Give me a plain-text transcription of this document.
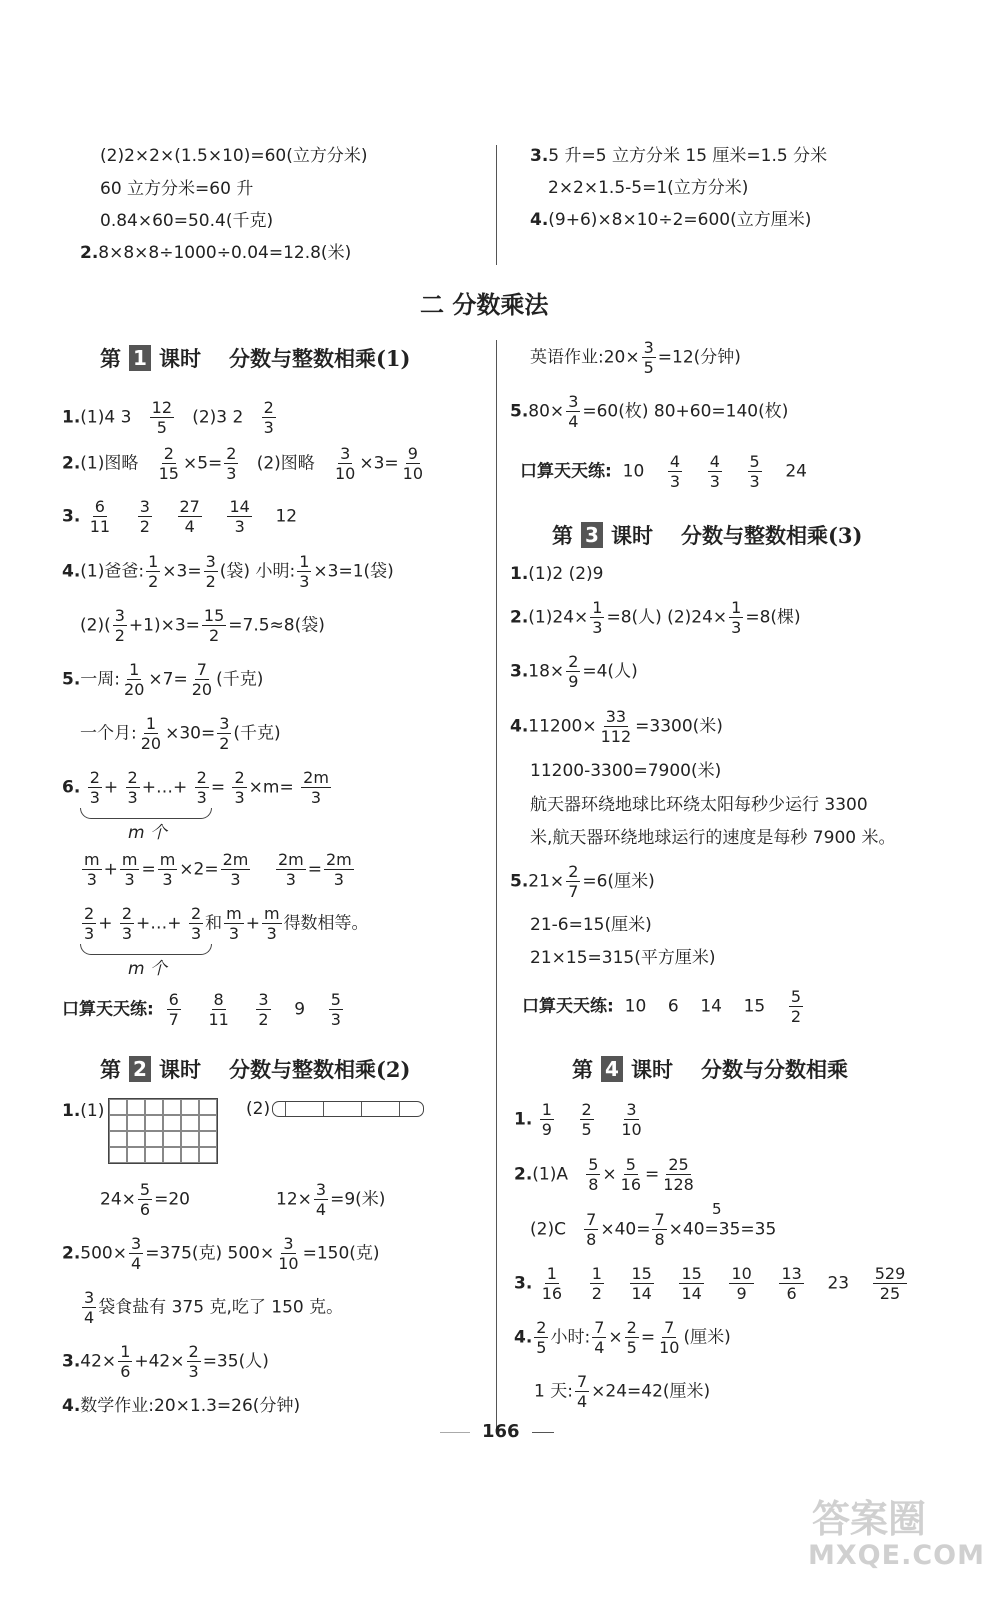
(2)2×2×(1.5×10)=60(立方分米)
60 立方分米=60 升
0.84×60=50.4(千克)
2.8×8×8÷1000÷0.04=12.8(米)
3.5 升=5 立方分米 15 厘米=1.5 分米
2×2×1.5-5=1(立方分米)
4.(9+6)×8×10÷2=600(立方厘米)
二 分数乘法
第 1 课时 分数与整数相乘(1)
1.(1)4 $3 \frac{12}{5} (2)3$ $2 \frac{2}{3}$
2.(1)图略 $\frac{2}{15} \times 5= \frac{2}{3} (2)$图略 $\frac{3}{10} \times 3= \frac{9}{10}$
3. $\frac{6}{11}$
$\frac{3}{2}$
$\frac{27}{4}$
$\frac{14}{3} 12$
4.(1)爸爸: $\frac{1}{2} \times 3= \frac{3}{2}$ (袋) 小明: $\frac{1}{3} \times 3=1$(袋)
$(2)( \frac{3}{2} +1)\times 3= \frac{15}{2} =7.5\approx 8$(袋)
5.一周: $\frac{1}{20} \times 7= \frac{7}{20}$ (千克)
一个月: $\frac{1}{20} \times 30= \frac{3}{2}$ (千克)
6. $\frac{2}{3} + \frac{2}{3}$ +…+ $\frac{2}{3} = \frac{2}{3} \times m= \frac{2m}{3}$
m 个
$\frac{m}{3} + \frac{m}{3} = \frac{m}{3} \times 2= \frac{2m}{3}$
$\frac{2m}{3} = \frac{2m}{3}$
$\frac{2}{3} + \frac{2}{3}$ +…+ $\frac{2}{3}$ 和 $\frac{m}{3} + \frac{m}{3}$ 得数相等。
m 个
口算天天练: $\frac{6}{7}$
$\frac{8}{11}$
$\frac{3}{2} 9 \frac{5}{3}$
第 2 课时 分数与整数相乘(2)
1.(1)	(2)
$24\times \frac{5}{6} =20$	$12\times \frac{3}{4} =9$(米)
$2.500\times \frac{3}{4} =375$(克) $500\times \frac{3}{10} =150$(克)
$\frac{3}{4}$ 袋食盐有 375 克,吃了 150 克。
$3.42\times \frac{1}{6} +42\times \frac{2}{3} =35$(人)
4.数学作业:20×1.3=26(分钟)
英语作业:20× $\frac{3}{5} =12$(分钟)
$5.80\times \frac{3}{4} =60$(枚) 80+60=140(枚)
口算天天练: $10 \frac{4}{3}$
$\frac{4}{3}$
$\frac{5}{3} 24$
第 3 课时 分数与整数相乘(3)
1.(1)2 (2)9
$2.(1)24\times \frac{1}{3} =8$(人) $(2)24\times \frac{1}{3} =8$(棵)
$3.18\times \frac{2}{9} =4$(人)
$4.11200\times \frac{33}{112} =3300$(米)
11200-3300=7900(米)
航天器环绕地球比环绕太阳每秒少运行 3300
米,航天器环绕地球运行的速度是每秒 7900 米。
$5.21\times \frac{2}{7} =6$(厘米)
21-6=15(厘米)
21×15=315(平方厘米)
口算天天练: 10 6 14 $15 \frac{5}{2}$
第 4 课时 分数与分数相乘
1. $\frac{1}{9}$
$\frac{2}{5}$
$\frac{3}{10}$
$2.(1)A \frac{5}{8} \times \frac{5}{16} = \frac{25}{128}$
5
$(2)C \frac{7}{8} \times 40= \frac{7}{8} \times 40=35=35$
3. $\frac{1}{16}$
$\frac{1}{2}$
$\frac{15}{14}$
$\frac{15}{14}$
$\frac{10}{9}$
$\frac{13}{6} 23 \frac{529}{25}$
4. $\frac{2}{5}$ 小时: $\frac{7}{4} \times \frac{2}{5} = \frac{7}{10}$ (厘米)
1 天: $\frac{7}{4} \times 24=42$(厘米)
166
答案圈
MXQE.COM
